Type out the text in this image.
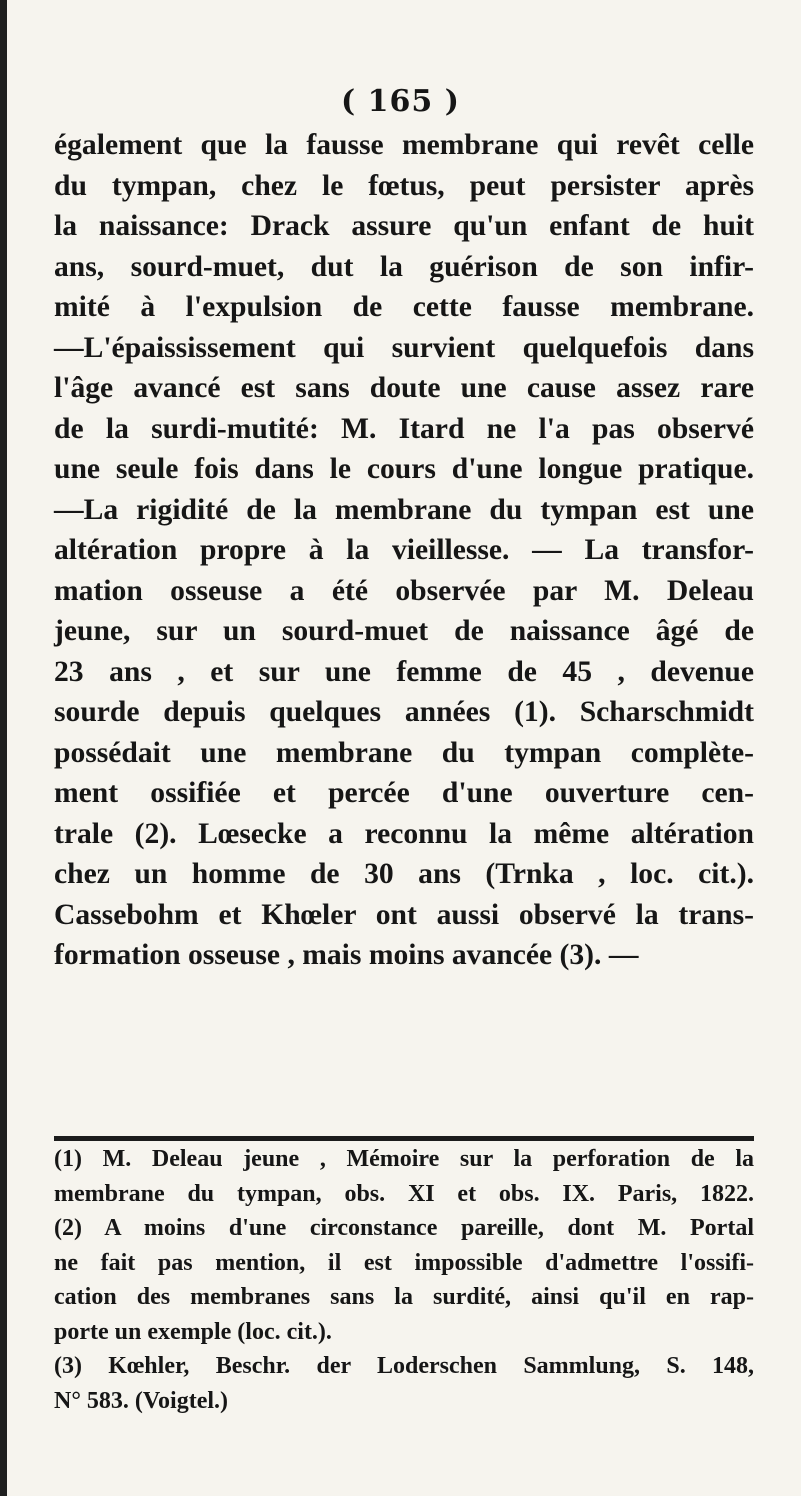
( 165 )
également que la fausse membrane qui revêt celle
du tympan, chez le fœtus, peut persister après
la naissance: Drack assure qu'un enfant de huit
ans, sourd-muet, dut la guérison de son infir-
mité à l'expulsion de cette fausse membrane.
—L'épaississement qui survient quelquefois dans
l'âge avancé est sans doute une cause assez rare
de la surdi-mutité: M. Itard ne l'a pas observé
une seule fois dans le cours d'une longue pratique.
—La rigidité de la membrane du tympan est une
altération propre à la vieillesse. — La transfor-
mation osseuse a été observée par M. Deleau
jeune, sur un sourd-muet de naissance âgé de
23 ans , et sur une femme de 45 , devenue
sourde depuis quelques années (1). Scharschmidt
possédait une membrane du tympan complète-
ment ossifiée et percée d'une ouverture cen-
trale (2). Lœsecke a reconnu la même altération
chez un homme de 30 ans (Trnka , loc. cit.).
Cassebohm et Khœler ont aussi observé la trans-
formation osseuse , mais moins avancée (3). —
(1) M. Deleau jeune , Mémoire sur la perforation de la
membrane du tympan, obs. XI et obs. IX. Paris, 1822.
(2) A moins d'une circonstance pareille, dont M. Portal
ne fait pas mention, il est impossible d'admettre l'ossifi-
cation des membranes sans la surdité, ainsi qu'il en rap-
porte un exemple (loc. cit.).
(3) Kœhler, Beschr. der Loderschen Sammlung, S. 148,
N° 583. (Voigtel.)
